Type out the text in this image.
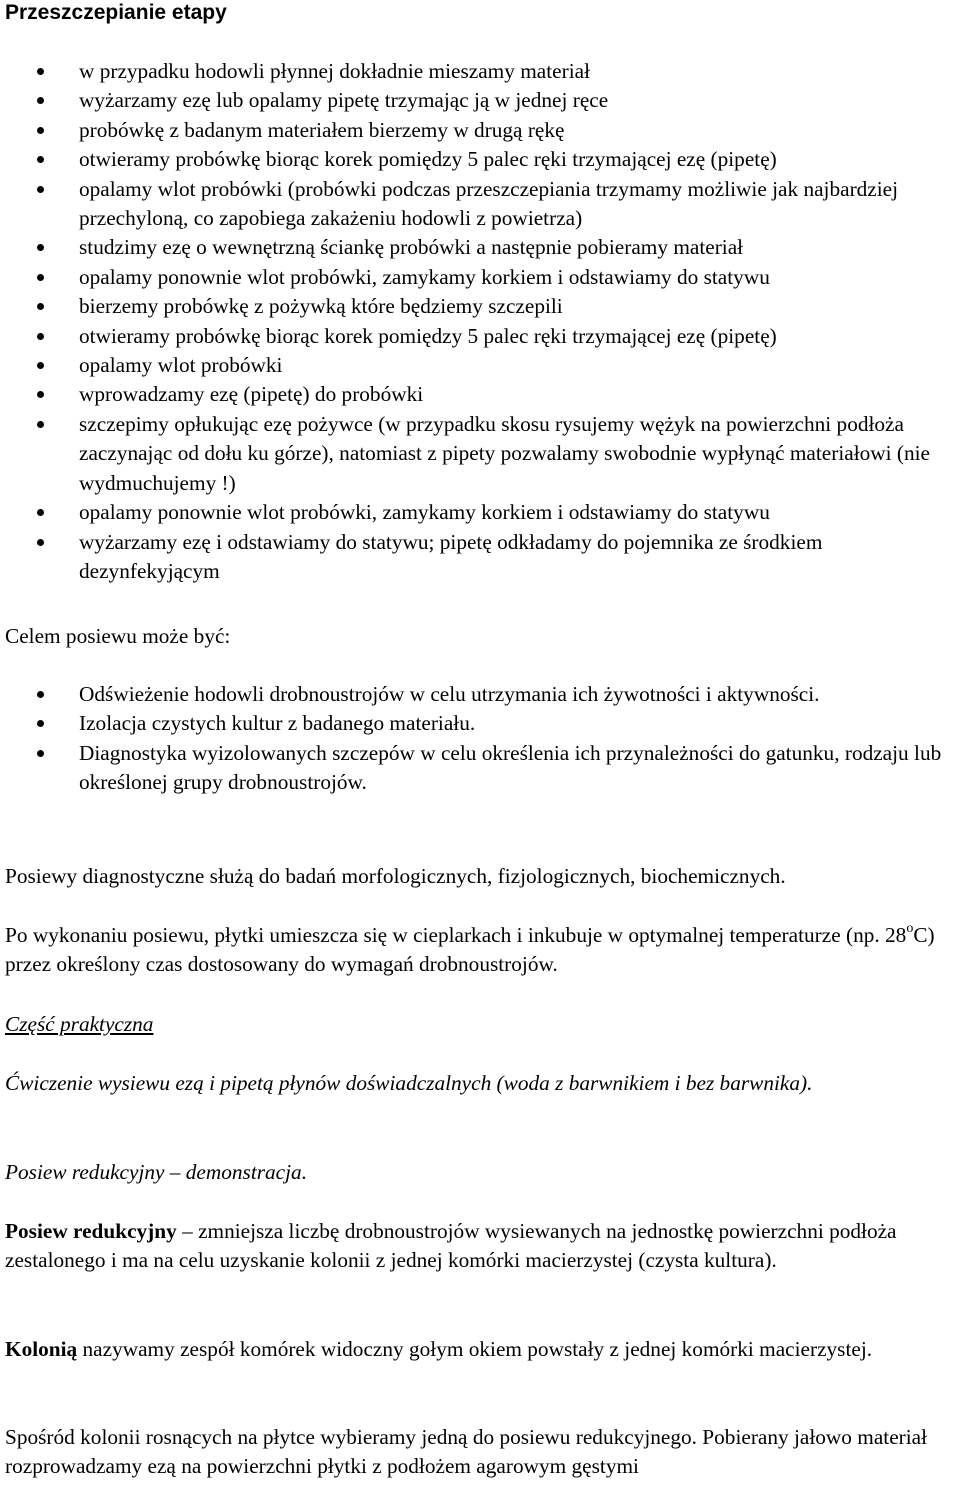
Przeszczepianie etapy
w przypadku hodowli płynnej dokładnie mieszamy materiał
wyżarzamy ezę lub opalamy pipetę trzymając ją w jednej ręce
probówkę z badanym materiałem bierzemy w drugą rękę
otwieramy probówkę biorąc korek pomiędzy 5 palec ręki trzymającej ezę (pipetę)
opalamy wlot probówki (probówki podczas przeszczepiania trzymamy możliwie jak najbardziej przechyloną, co zapobiega zakażeniu hodowli z powietrza)
studzimy ezę o wewnętrzną ściankę probówki a następnie pobieramy materiał
opalamy ponownie wlot probówki, zamykamy korkiem i odstawiamy do statywu
bierzemy probówkę z pożywką które będziemy szczepili
otwieramy probówkę biorąc korek pomiędzy 5 palec ręki trzymającej ezę (pipetę)
opalamy wlot probówki
wprowadzamy ezę (pipetę) do probówki
szczepimy opłukując ezę pożywce (w przypadku skosu rysujemy wężyk na powierzchni podłoża zaczynając od dołu ku górze), natomiast z pipety pozwalamy swobodnie wypłynąć materiałowi (nie wydmuchujemy !)
opalamy ponownie wlot probówki, zamykamy korkiem i odstawiamy do statywu
wyżarzamy ezę i odstawiamy do statywu; pipetę odkładamy do pojemnika ze środkiem dezynfekyjącym

Celem posiewu może być:

Odświeżenie hodowli drobnoustrojów w celu utrzymania ich żywotności i aktywności.
Izolacja czystych kultur z badanego materiału.
Diagnostyka wyizolowanych szczepów w celu określenia ich przynależności do gatunku, rodzaju lub określonej grupy drobnoustrojów.

Posiewy diagnostyczne służą do badań morfologicznych, fizjologicznych, biochemicznych.

Po wykonaniu posiewu, płytki umieszcza się w cieplarkach i inkubuje w optymalnej temperaturze (np. 28$^o$C) przez określony czas dostosowany do wymagań drobnoustrojów.

Część praktyczna

Ćwiczenie wysiewu ezą i pipetą płynów doświadczalnych (woda z barwnikiem i bez barwnika).

Posiew redukcyjny – demonstracja.

Posiew redukcyjny – zmniejsza liczbę drobnoustrojów wysiewanych na jednostkę powierzchni podłoża zestalonego i ma na celu uzyskanie kolonii z jednej komórki macierzystej (czysta kultura).

Kolonią nazywamy zespół komórek widoczny gołym okiem powstały z jednej komórki macierzystej.

Spośród kolonii rosnących na płytce wybieramy jedną do posiewu redukcyjnego. Pobierany jałowo materiał rozprowadzamy ezą na powierzchni płytki z podłożem agarowym gęstymi
